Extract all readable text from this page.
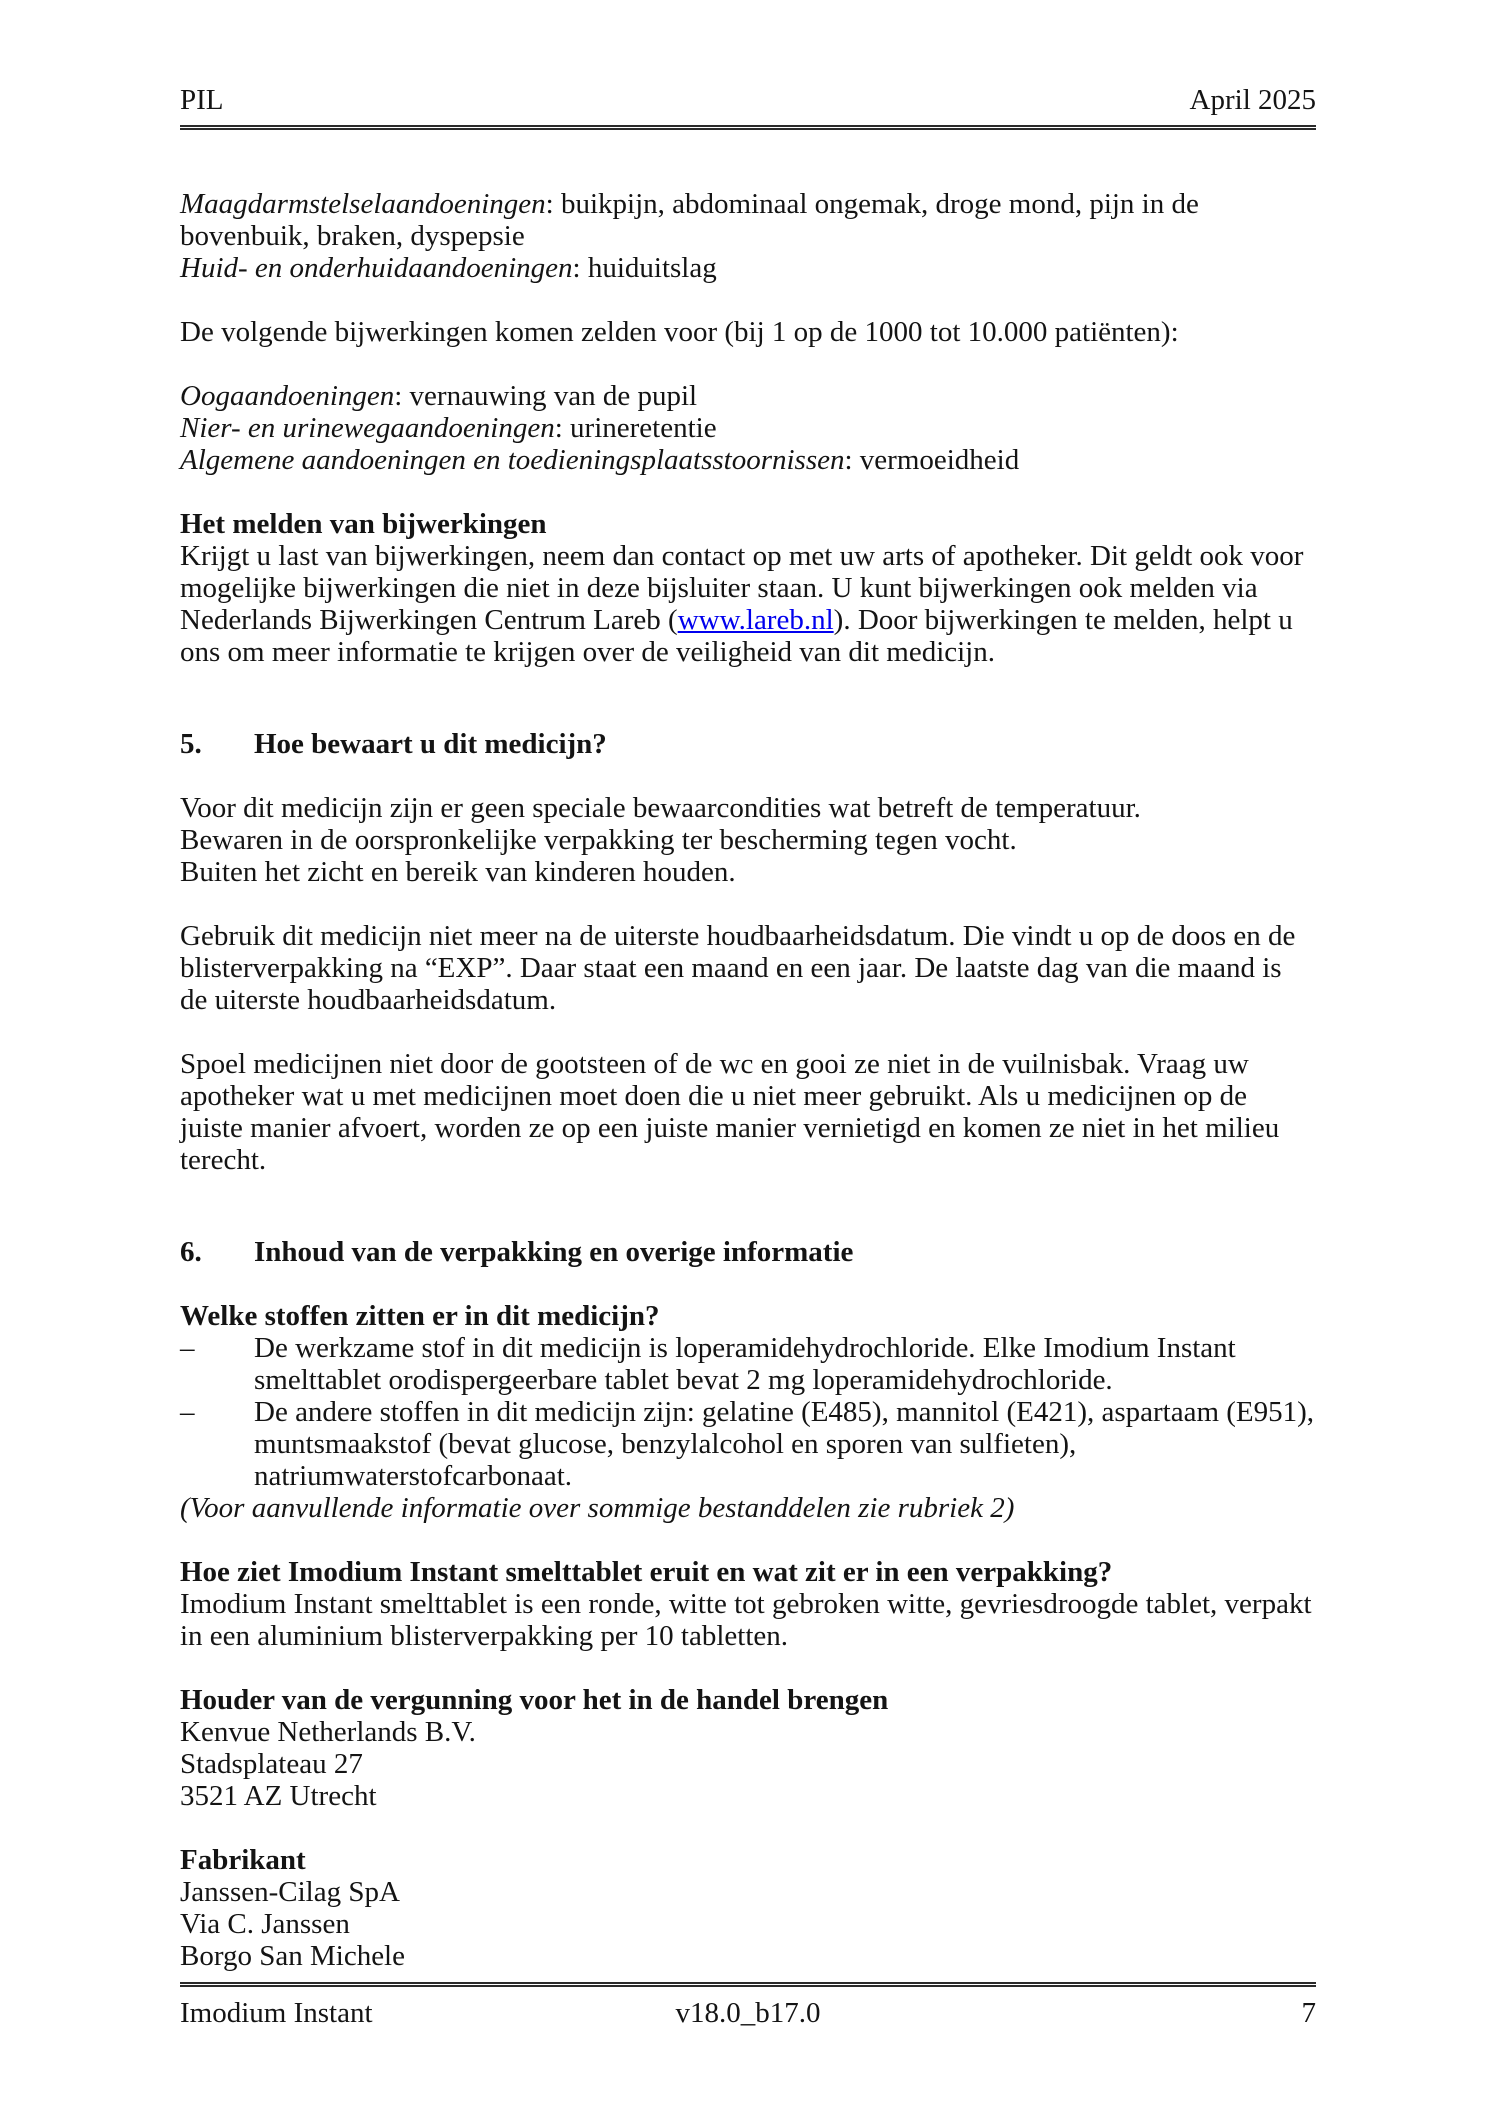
PIL	April 2025

Maagdarmstelselaandoeningen: buikpijn, abdominaal ongemak, droge mond, pijn in de bovenbuik, braken, dyspepsie

Huid- en onderhuidaandoeningen: huiduitslag

De volgende bijwerkingen komen zelden voor (bij 1 op de 1000 tot 10.000 patiënten):

Oogaandoeningen: vernauwing van de pupil

Nier- en urinewegaandoeningen: urineretentie

Algemene aandoeningen en toedieningsplaatsstoornissen: vermoeidheid

Het melden van bijwerkingen

Krijgt u last van bijwerkingen, neem dan contact op met uw arts of apotheker. Dit geldt ook voor mogelijke bijwerkingen die niet in deze bijsluiter staan. U kunt bijwerkingen ook melden via Nederlands Bijwerkingen Centrum Lareb (www.lareb.nl). Door bijwerkingen te melden, helpt u ons om meer informatie te krijgen over de veiligheid van dit medicijn.

5.	Hoe bewaart u dit medicijn?

Voor dit medicijn zijn er geen speciale bewaarcondities wat betreft de temperatuur.

Bewaren in de oorspronkelijke verpakking ter bescherming tegen vocht.

Buiten het zicht en bereik van kinderen houden.

Gebruik dit medicijn niet meer na de uiterste houdbaarheidsdatum. Die vindt u op de doos en de blisterverpakking na “EXP”. Daar staat een maand en een jaar. De laatste dag van die maand is de uiterste houdbaarheidsdatum.

Spoel medicijnen niet door de gootsteen of de wc en gooi ze niet in de vuilnisbak. Vraag uw apotheker wat u met medicijnen moet doen die u niet meer gebruikt. Als u medicijnen op de juiste manier afvoert, worden ze op een juiste manier vernietigd en komen ze niet in het milieu terecht.

6.	Inhoud van de verpakking en overige informatie

Welke stoffen zitten er in dit medicijn?

–	De werkzame stof in dit medicijn is loperamidehydrochloride. Elke Imodium Instant smelttablet orodispergeerbare tablet bevat 2 mg loperamidehydrochloride.
–	De andere stoffen in dit medicijn zijn: gelatine (E485), mannitol (E421), aspartaam (E951), muntsmaakstof (bevat glucose, benzylalcohol en sporen van sulfieten), natriumwaterstofcarbonaat.

(Voor aanvullende informatie over sommige bestanddelen zie rubriek 2)

Hoe ziet Imodium Instant smelttablet eruit en wat zit er in een verpakking?

Imodium Instant smelttablet is een ronde, witte tot gebroken witte, gevriesdroogde tablet, verpakt in een aluminium blisterverpakking per 10 tabletten.

Houder van de vergunning voor het in de handel brengen

Kenvue Netherlands B.V.

Stadsplateau 27

3521 AZ Utrecht

Fabrikant

Janssen-Cilag SpA

Via C. Janssen

Borgo San Michele

Imodium Instant	v18.0_b17.0	7
